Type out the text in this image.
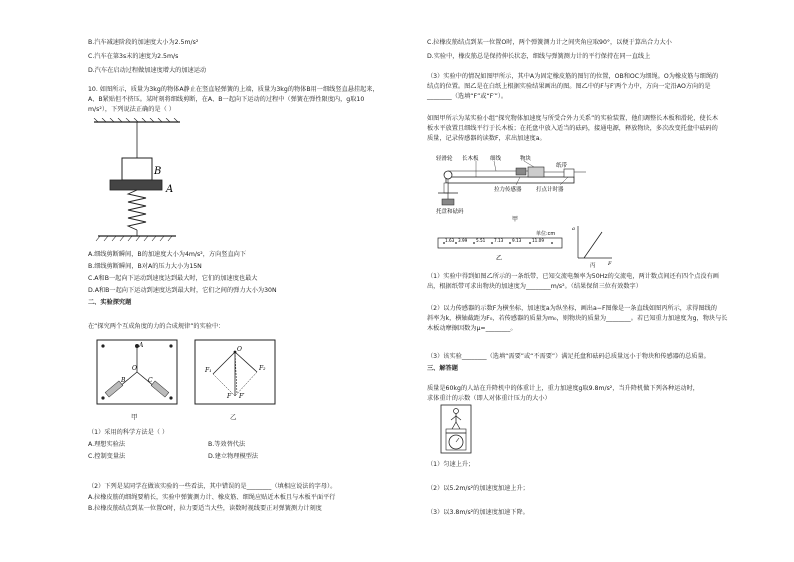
B.汽车减速阶段的加速度大小为2.5m/s²
C.汽车在第3s末的速度为2.5m/s
D.汽车在启动过程做加速度增大的加速运动
10. 如图所示，质量为3kg的物体A静止在竖直轻弹簧的上端，质量为3kg的物体B用一细线竖直悬挂起来，
A、B紧贴但不挤压。某时刻将细线剪断，在A、B一起向下运动的过程中（弹簧在弹性限度内，g取10
m/s²），下列说法正确的是（ ）
B
A
A.细线剪断瞬间，B的加速度大小为4m/s²，方向竖直向下
B.细线剪断瞬间，B对A的压力大小为15N
C.A和B一起向下运动到速度达到最大时，它们的加速度也最大
D.A和B一起向下运动到速度达到最大时，它们之间的弹力大小为30N
二、实验探究题
在“探究两个互成角度的力的合成规律”的实验中：
A
O
B	C
甲
O
F₁	F₂
F F′
乙
（1）采用的科学方法是（ ）
A.理想实验法	B.等效替代法
C.控制变量法	D.建立物理模型法
（2）下列是某同学在做该实验的一些看法，其中错误的是________（填相应说法的字母）。
A.拉橡皮筋的细绳要稍长，实验中弹簧测力计、橡皮筋、细绳应贴近木板且与木板平面平行
B.拉橡皮筋结点到某一位置O时，拉力要适当大些，读数时视线要正对弹簧测力计刻度
C.拉橡皮筋结点到某一位置O时，两个弹簧测力计之间夹角应取90°，以便于算出合力大小
D.实验中，橡皮筋总是保持伸长状态，细线与弹簧测力计的平行保持在同一直线上
（3）实验中的情况如图甲所示，其中A为固定橡皮筋的图钉的位置，OB和OC为细绳。O为橡皮筋与细绳的
结点的位置。图乙是在白纸上根据实验结果画出的图。图乙中的F与F′两个力中，方向一定沿AO方向的是
________（选填“F”或“F′”）。
如图甲所示为某实验小组“探究物体加速度与所受合外力关系”的实验装置，他们调整长木板和滑轮，使长木
板水平放置且细线平行于长木板；在托盘中放入适当的砝码，接通电源，释放物块，多次改变托盘中砝码的
质量，记录传感器的读数F，求出加速度a。
轻滑轮 长木板 细线	物块
纸带
托盘和砝码
拉力传感器	打点计时器
甲
单位:cm
1.63 3.99 5.51 7.13 9.13	11.09
乙
a
F
丙
（1）实验中得到如图乙所示的一条纸带，已知交流电频率为50Hz的交流电，两计数点间还有四个点没有画
出，根据纸带可求出物块的加速度为________m/s²。（结果保留三位有效数字）
（2）以力传感器的示数F为横坐标，加速度a为纵坐标，画出a−F图像是一条直线如图丙所示，求得图线的
斜率为k，横轴截距为F₀，若传感器的质量为m₀，则物块的质量为________。若已知重力加速度为g，物块与长
木板动摩擦因数为μ=________。
（3）该实验________（选填“需要”或“不需要”）满足托盘和砝码总质量远小于物块和传感器的总质量。
三、解答题
质量是60kg的人站在升降机中的体重计上，重力加速度g取9.8m/s²，当升降机做下列各种运动时，
求体重计的示数（即人对体重计压力的大小）
（1）匀速上升；
（2）以5.2m/s²的加速度加速上升；
（3）以3.8m/s²的加速度加速下降。
